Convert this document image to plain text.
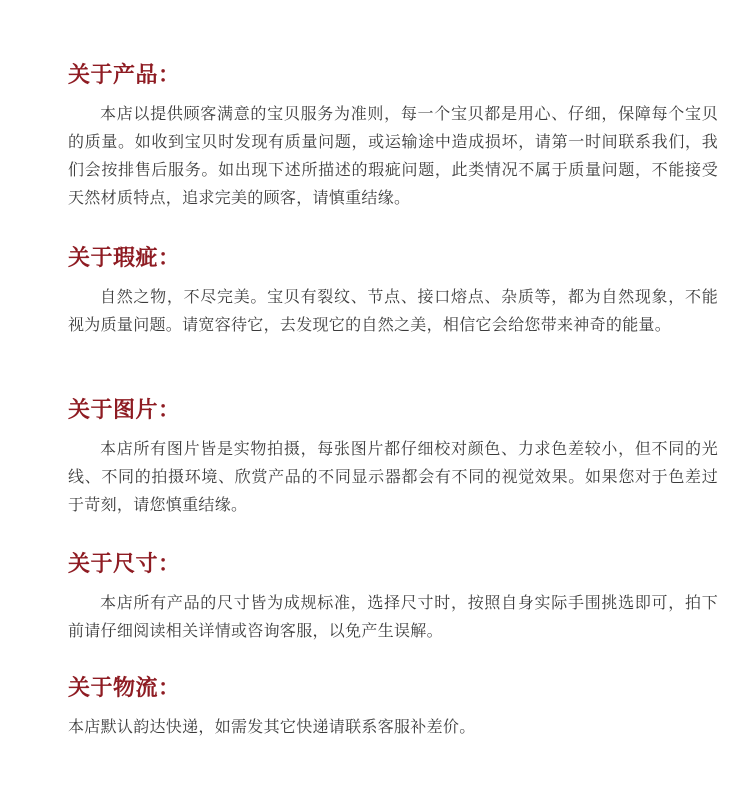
关于产品：

本店以提供顾客满意的宝贝服务为准则，每一个宝贝都是用心、仔细，保障每个宝贝的质量。如收到宝贝时发现有质量问题，或运输途中造成损坏，请第一时间联系我们，我们会按排售后服务。如出现下述所描述的瑕疵问题，此类情况不属于质量问题，不能接受天然材质特点，追求完美的顾客，请慎重结缘。

关于瑕疵：

自然之物，不尽完美。宝贝有裂纹、节点、接口熔点、杂质等，都为自然现象，不能视为质量问题。请宽容待它，去发现它的自然之美，相信它会给您带来神奇的能量。

关于图片：

本店所有图片皆是实物拍摄，每张图片都仔细校对颜色、力求色差较小，但不同的光线、不同的拍摄环境、欣赏产品的不同显示器都会有不同的视觉效果。如果您对于色差过于苛刻，请您慎重结缘。

关于尺寸：

本店所有产品的尺寸皆为成规标准，选择尺寸时，按照自身实际手围挑选即可，拍下前请仔细阅读相关详情或咨询客服，以免产生误解。

关于物流：

本店默认韵达快递，如需发其它快递请联系客服补差价。
